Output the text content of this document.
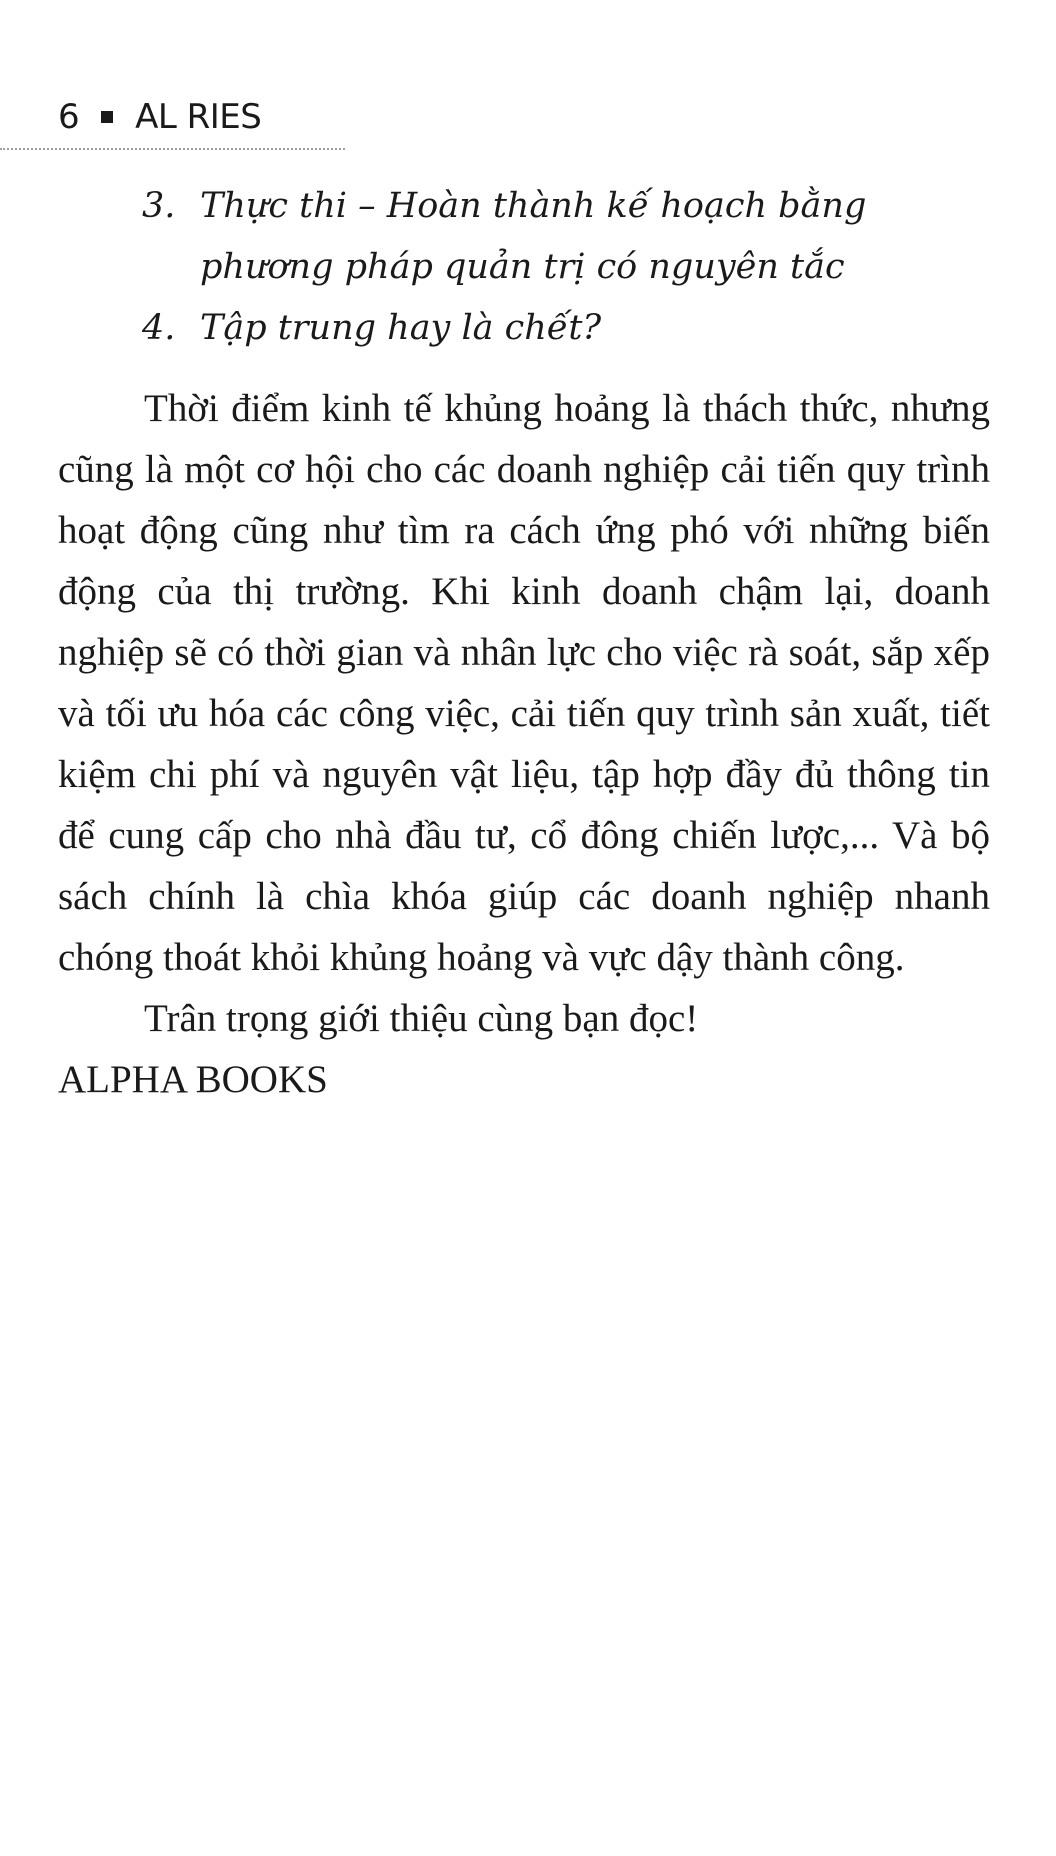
6 AL RIES
3. Thực thi – Hoàn thành kế hoạch bằng phương pháp quản trị có nguyên tắc
4. Tập trung hay là chết?

Thời điểm kinh tế khủng hoảng là thách thức, nhưng cũng là một cơ hội cho các doanh nghiệp cải tiến quy trình hoạt động cũng như tìm ra cách ứng phó với những biến động của thị trường. Khi kinh doanh chậm lại, doanh nghiệp sẽ có thời gian và nhân lực cho việc rà soát, sắp xếp và tối ưu hóa các công việc, cải tiến quy trình sản xuất, tiết kiệm chi phí và nguyên vật liệu, tập hợp đầy đủ thông tin để cung cấp cho nhà đầu tư, cổ đông chiến lược,... Và bộ sách chính là chìa khóa giúp các doanh nghiệp nhanh chóng thoát khỏi khủng hoảng và vực dậy thành công.

Trân trọng giới thiệu cùng bạn đọc!

ALPHA BOOKS
